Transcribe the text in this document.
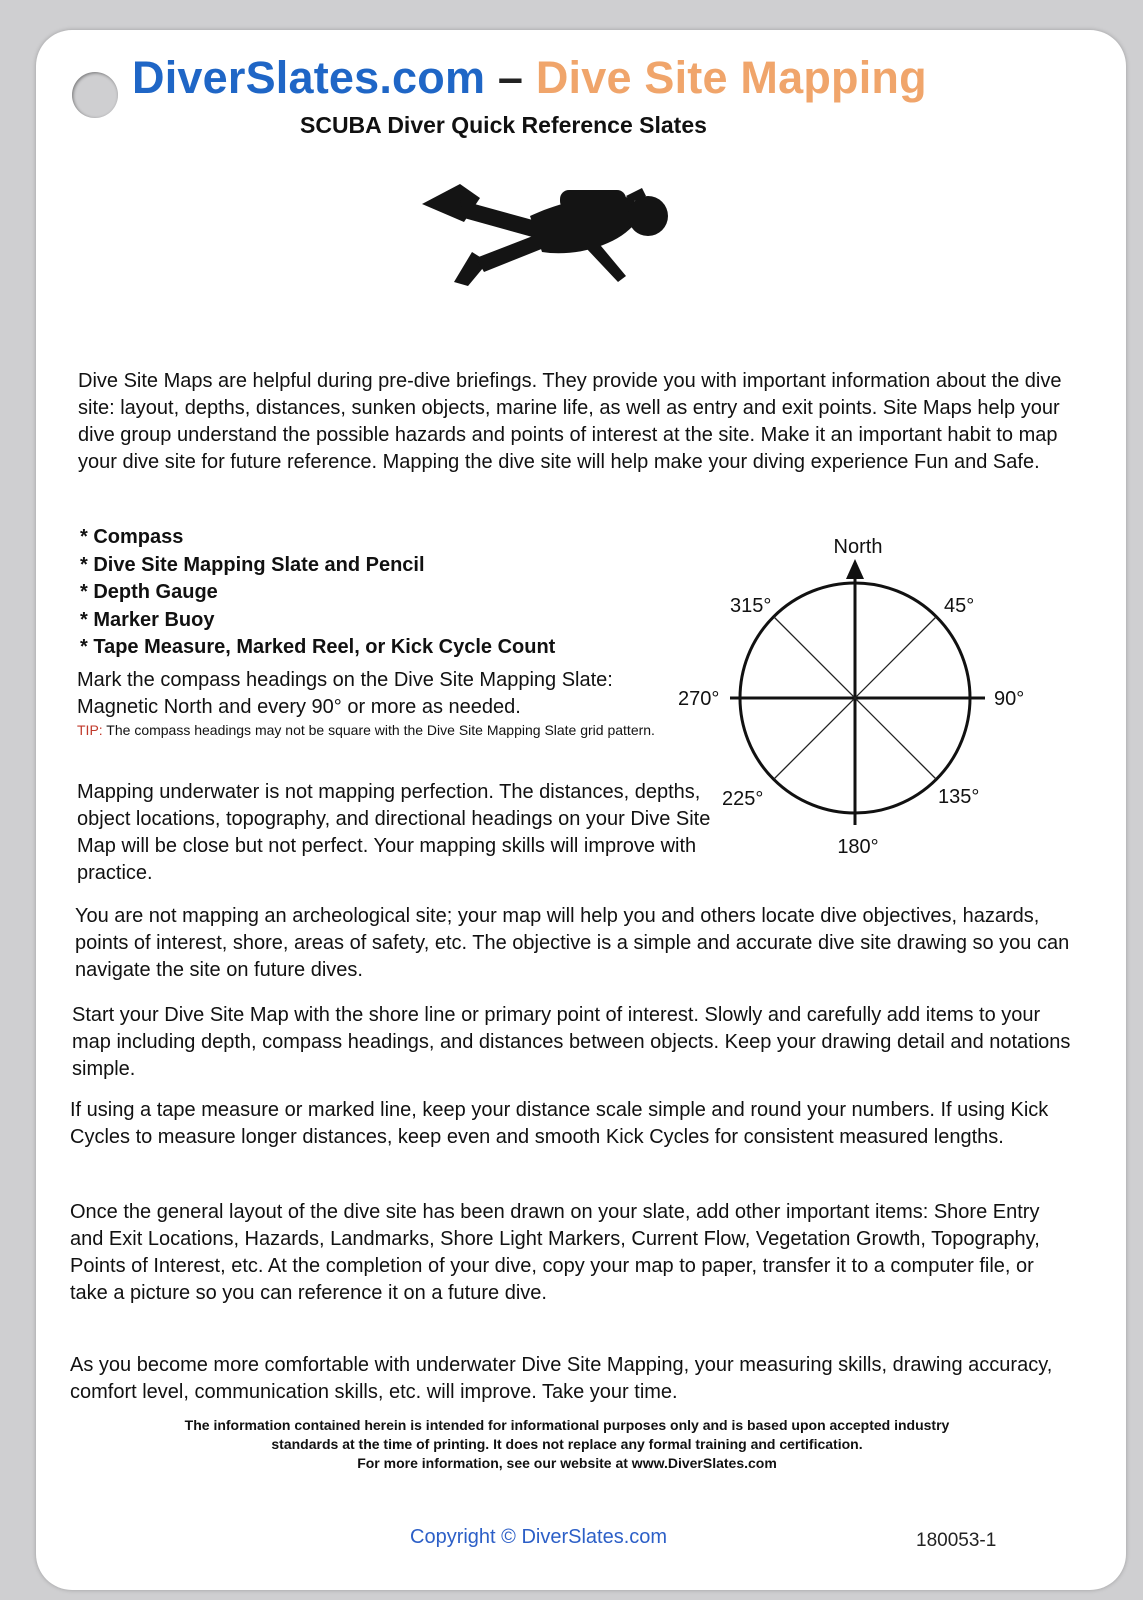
DiverSlates.com – Dive Site Mapping
SCUBA Diver Quick Reference Slates
Dive Site Maps are helpful during pre-dive briefings. They provide you with important information about the dive site: layout, depths, distances, sunken objects, marine life, as well as entry and exit points. Site Maps help your dive group understand the possible hazards and points of interest at the site. Make it an important habit to map your dive site for future reference. Mapping the dive site will help make your diving experience Fun and Safe.
* Compass
* Dive Site Mapping Slate and Pencil
* Depth Gauge
* Marker Buoy
* Tape Measure, Marked Reel, or Kick Cycle Count
Mark the compass headings on the Dive Site Mapping Slate: Magnetic North and every 90° or more as needed.
TIP: The compass headings may not be square with the Dive Site Mapping Slate grid pattern.
Mapping underwater is not mapping perfection. The distances, depths, object locations, topography, and directional headings on your Dive Site Map will be close but not perfect. Your mapping skills will improve with practice.
North
45°
315°
270°	90°
225°	135°
180°
You are not mapping an archeological site; your map will help you and others locate dive objectives, hazards, points of interest, shore, areas of safety, etc. The objective is a simple and accurate dive site drawing so you can navigate the site on future dives.
Start your Dive Site Map with the shore line or primary point of interest. Slowly and carefully add items to your map including depth, compass headings, and distances between objects. Keep your drawing detail and notations simple.
If using a tape measure or marked line, keep your distance scale simple and round your numbers. If using Kick Cycles to measure longer distances, keep even and smooth Kick Cycles for consistent measured lengths.
Once the general layout of the dive site has been drawn on your slate, add other important items: Shore Entry and Exit Locations, Hazards, Landmarks, Shore Light Markers, Current Flow, Vegetation Growth, Topography, Points of Interest, etc. At the completion of your dive, copy your map to paper, transfer it to a computer file, or take a picture so you can reference it on a future dive.
As you become more comfortable with underwater Dive Site Mapping, your measuring skills, drawing accuracy, comfort level, communication skills, etc. will improve. Take your time.
The information contained herein is intended for informational purposes only and is based upon accepted industry
standards at the time of printing. It does not replace any formal training and certification.
For more information, see our website at www.DiverSlates.com
Copyright © DiverSlates.com	180053-1
